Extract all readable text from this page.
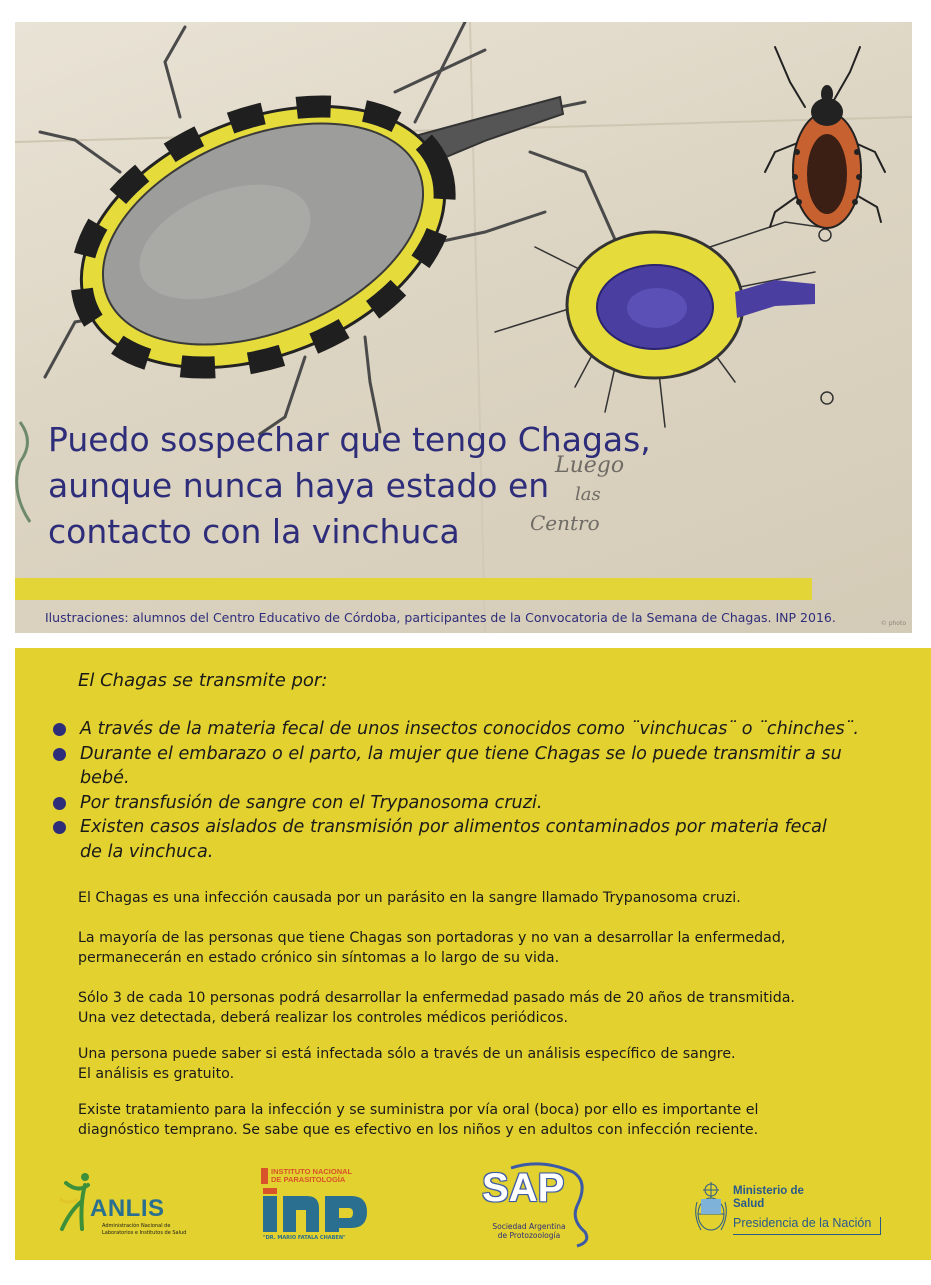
Luego
las
Centro
Puedo sospechar que tengo Chagas,
aunque nunca haya estado en
contacto con la vinchuca
Ilustraciones: alumnos del Centro Educativo de Córdoba, participantes de la Convocatoria de la Semana de Chagas. INP 2016.	© photo

El Chagas se transmite por:

A través de la materia fecal de unos insectos conocidos como ¨vinchucas¨ o ¨chinches¨.
Durante el embarazo o el parto, la mujer que tiene Chagas se lo puede transmitir a su
bebé.
Por transfusión de sangre con el Trypanosoma cruzi.
Existen casos aislados de transmisión por alimentos contaminados por materia fecal
de la vinchuca.

El Chagas es una infección causada por un parásito en la sangre llamado Trypanosoma cruzi.

La mayoría de las personas que tiene Chagas son portadoras y no van a desarrollar la enfermedad,
permanecerán en estado crónico sin síntomas a lo largo de su vida.

Sólo 3 de cada 10 personas podrá desarrollar la enfermedad pasado más de 20 años de transmitida.
Una vez detectada, deberá realizar los controles médicos periódicos.

Una persona puede saber si está infectada sólo a través de un análisis específico de sangre.
El análisis es gratuito.

Existe tratamiento para la infección y se suministra por vía oral (boca) por ello es importante el
diagnóstico temprano. Se sabe que es efectivo en los niños y en adultos con infección reciente.

ANLIS
Administración Nacional de
Laboratorios e Institutos de Salud
INSTITUTO NACIONAL
DE PARASITOLOGÍA
"DR. MARIO FATALA CHABEN"
SAP
Sociedad Argentina
de Protozoología
Ministerio de
Salud
Presidencia de la Nación
